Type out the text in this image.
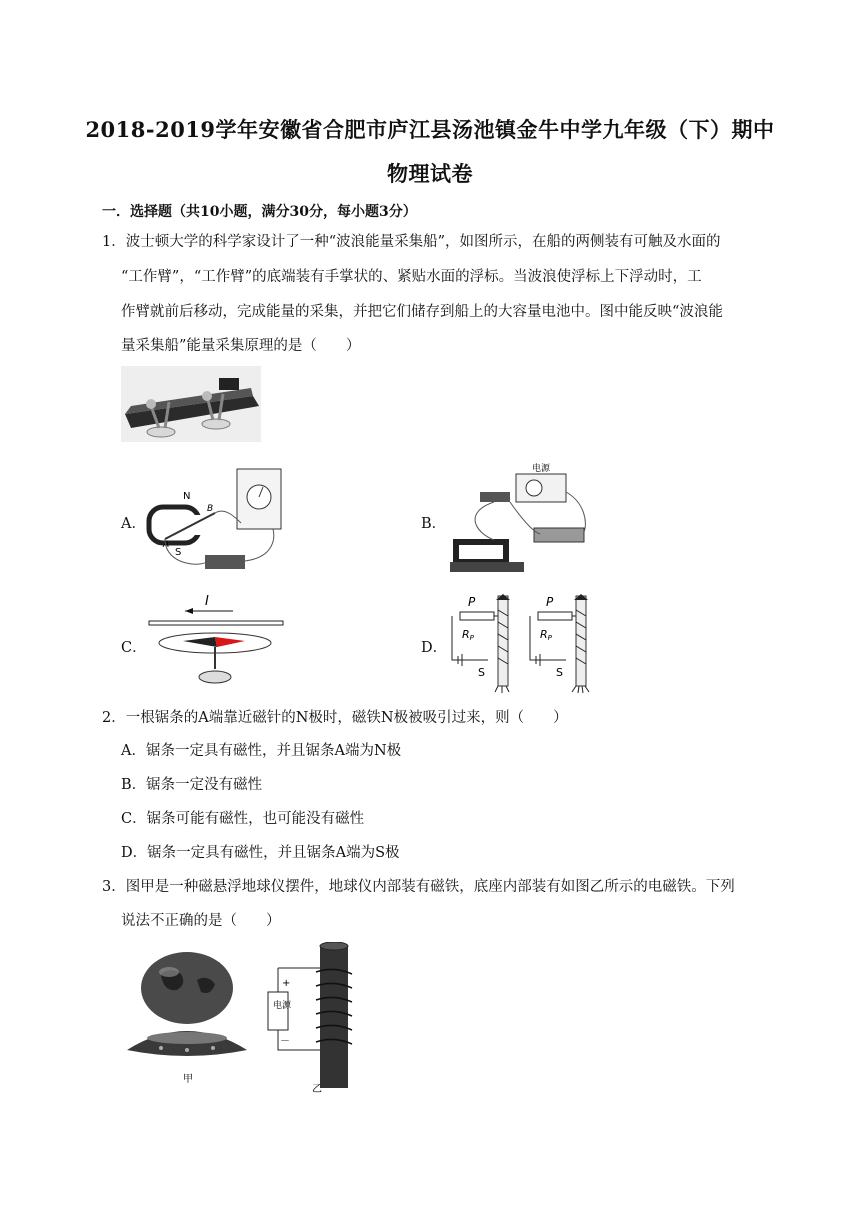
2018-2019学年安徽省合肥市庐江县汤池镇金牛中学九年级（下）期中
物理试卷
一．选择题（共10小题，满分30分，每小题3分）
1．波士顿大学的科学家设计了一种“波浪能量采集船”，如图所示，在船的两侧装有可触及水面的
“工作臂”，“工作臂”的底端装有手掌状的、紧贴水面的浮标。当波浪使浮标上下浮动时，工
作臂就前后移动，完成能量的采集，并把它们储存到船上的大容量电池中。图中能反映“波浪能
量采集船”能量采集原理的是（　　）
A．
N
S
A
B
B．
电源
C．
I
D．
P
RP
S
P
RP
S
2．一根锯条的A端靠近磁针的N极时，磁铁N极被吸引过来，则（　　）
A．锯条一定具有磁性，并且锯条A端为N极
B．锯条一定没有磁性
C．锯条可能有磁性，也可能没有磁性
D．锯条一定具有磁性，并且锯条A端为S极
3．图甲是一种磁悬浮地球仪摆件，地球仪内部装有磁铁，底座内部装有如图乙所示的电磁铁。下列
说法不正确的是（　　）
甲
电源
+
－
乙
